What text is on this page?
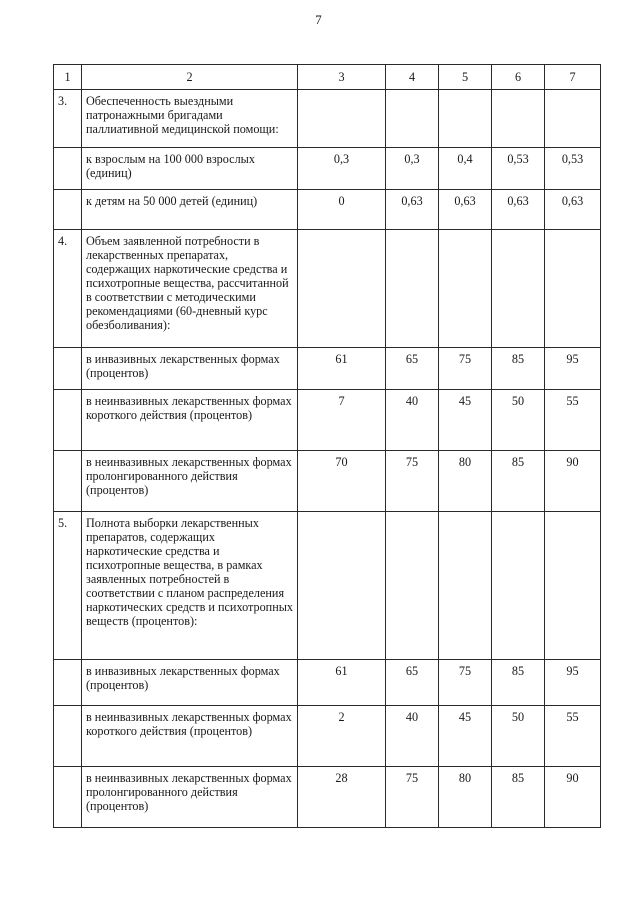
7
1	2	3	4	5	6	7
3.	Обеспеченность выездными патронажными бригадами паллиативной медицинской помощи:					
	к взрослым на 100 000 взрослых (единиц)	0,3	0,3	0,4	0,53	0,53
	к детям на 50 000 детей (единиц)	0	0,63	0,63	0,63	0,63
4.	Объем заявленной потребности в лекарственных препаратах, содержащих наркотические средства и психотропные вещества, рассчитанной в соответствии с методическими рекомендациями (60-дневный курс обезболивания):					
	в инвазивных лекарственных формах (процентов)	61	65	75	85	95
	в неинвазивных лекарственных формах короткого действия (процентов)	7	40	45	50	55
	в неинвазивных лекарственных формах пролонгированного действия (процентов)	70	75	80	85	90
5.	Полнота выборки лекарственных препаратов, содержащих наркотические средства и психотропные вещества, в рамках заявленных потребностей в соответствии с планом распределения наркотических средств и психотропных веществ (процентов):					
	в инвазивных лекарственных формах (процентов)	61	65	75	85	95
	в неинвазивных лекарственных формах короткого действия (процентов)	2	40	45	50	55
	в неинвазивных лекарственных формах пролонгированного действия (процентов)	28	75	80	85	90
